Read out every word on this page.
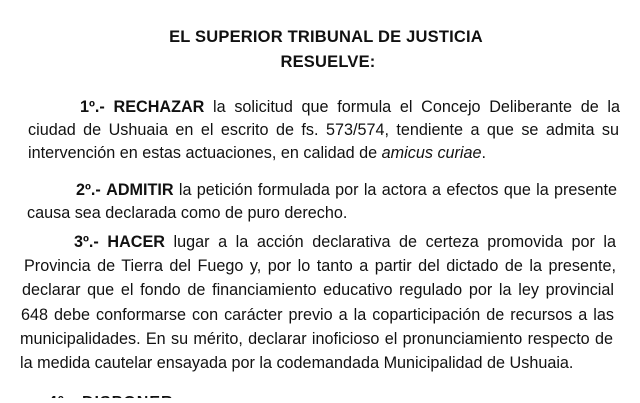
EL SUPERIOR TRIBUNAL DE JUSTICIA
RESUELVE:
1º.- RECHAZAR la solicitud que formula el Concejo Deliberante de la
ciudad de Ushuaia en el escrito de fs. 573/574, tendiente a que se admita su
intervención en estas actuaciones, en calidad de amicus curiae.
2º.- ADMITIR la petición formulada por la actora a efectos que la presente
causa sea declarada como de puro derecho.
3º.- HACER lugar a la acción declarativa de certeza promovida por la
Provincia de Tierra del Fuego y, por lo tanto a partir del dictado de la presente,
declarar que el fondo de financiamiento educativo regulado por la ley provincial
648 debe conformarse con carácter previo a la coparticipación de recursos a las
municipalidades. En su mérito, declarar inoficioso el pronunciamiento respecto de
la medida cautelar ensayada por la codemandada Municipalidad de Ushuaia.
